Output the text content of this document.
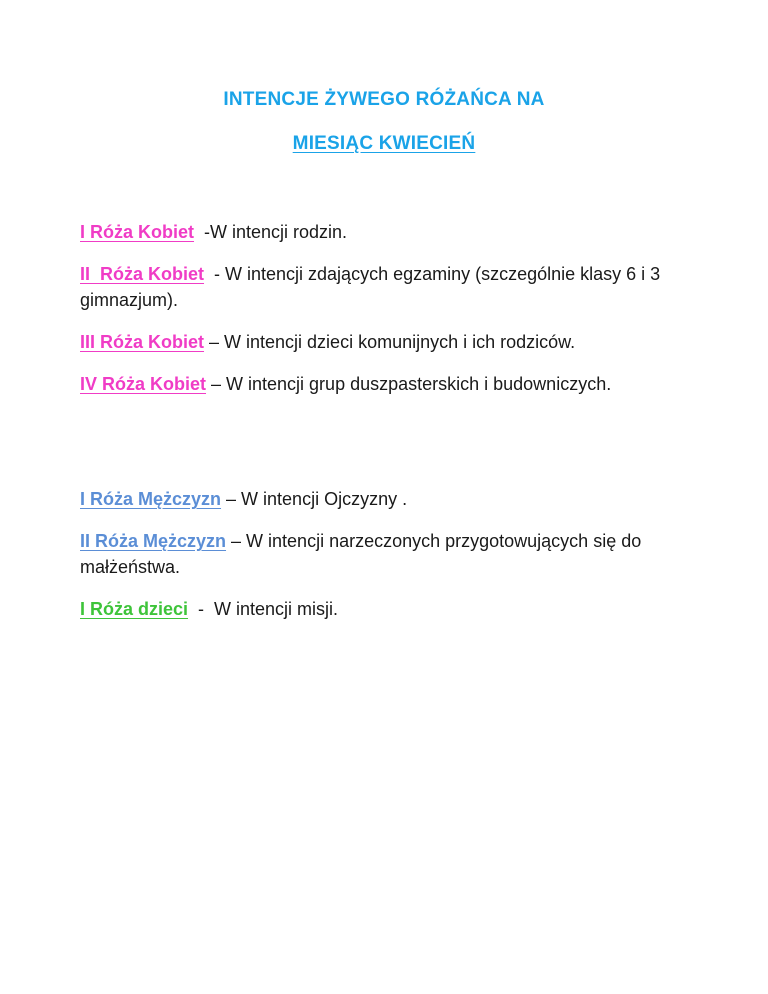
INTENCJE ŻYWEGO RÓŻAŃCA NA
MIESIĄC KWIECIEŃ

I Róża Kobiet  -W intencji rodzin.

II  Róża Kobiet  - W intencji zdających egzaminy (szczególnie klasy 6 i 3 gimnazjum).

III Róża Kobiet – W intencji dzieci komunijnych i ich rodziców.

IV Róża Kobiet – W intencji grup duszpasterskich i budowniczych.

I Róża Mężczyzn – W intencji Ojczyzny .

II Róża Mężczyzn – W intencji narzeczonych przygotowujących się do małżeństwa.

I Róża dzieci  -  W intencji misji.
